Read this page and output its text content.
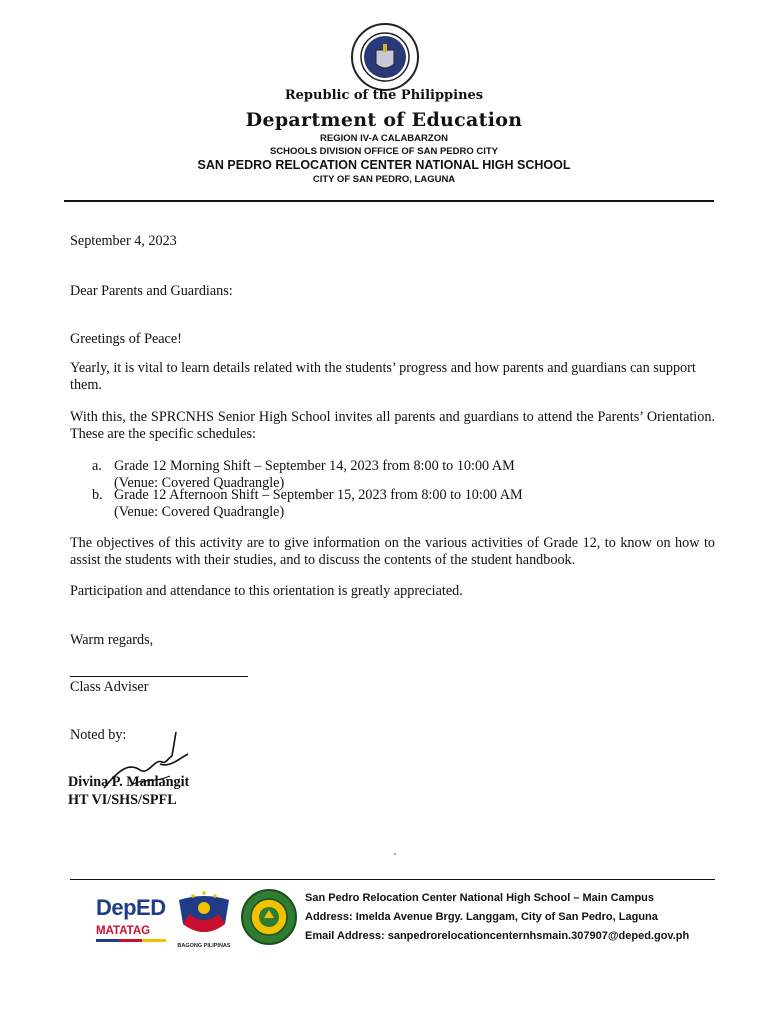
Republic of the Philippines
Department of Education
REGION IV-A CALABARZON
SCHOOLS DIVISION OFFICE OF SAN PEDRO CITY
SAN PEDRO RELOCATION CENTER NATIONAL HIGH SCHOOL
CITY OF SAN PEDRO, LAGUNA
September 4, 2023
Dear Parents and Guardians:
Greetings of Peace!
Yearly, it is vital to learn details related with the students’ progress and how parents and guardians can support them.
With this, the SPRCNHS Senior High School invites all parents and guardians to attend the Parents’ Orientation. These are the specific schedules:
a. Grade 12 Morning Shift – September 14, 2023 from 8:00 to 10:00 AM
(Venue: Covered Quadrangle)
b. Grade 12 Afternoon Shift – September 15, 2023 from 8:00 to 10:00 AM
(Venue: Covered Quadrangle)
The objectives of this activity are to give information on the various activities of Grade 12, to know on how to assist the students with their studies, and to discuss the contents of the student handbook.
Participation and attendance to this orientation is greatly appreciated.
Warm regards,
Class Adviser
Noted by:
Divina P. Manlangit
HT VI/SHS/SPFL
DepED
MATATAG
BAGONG PILIPINAS
San Pedro Relocation Center National High School – Main Campus
Address: Imelda Avenue Brgy. Langgam, City of San Pedro, Laguna
Email Address: sanpedrorelocationcenternhsmain.307907@deped.gov.ph
